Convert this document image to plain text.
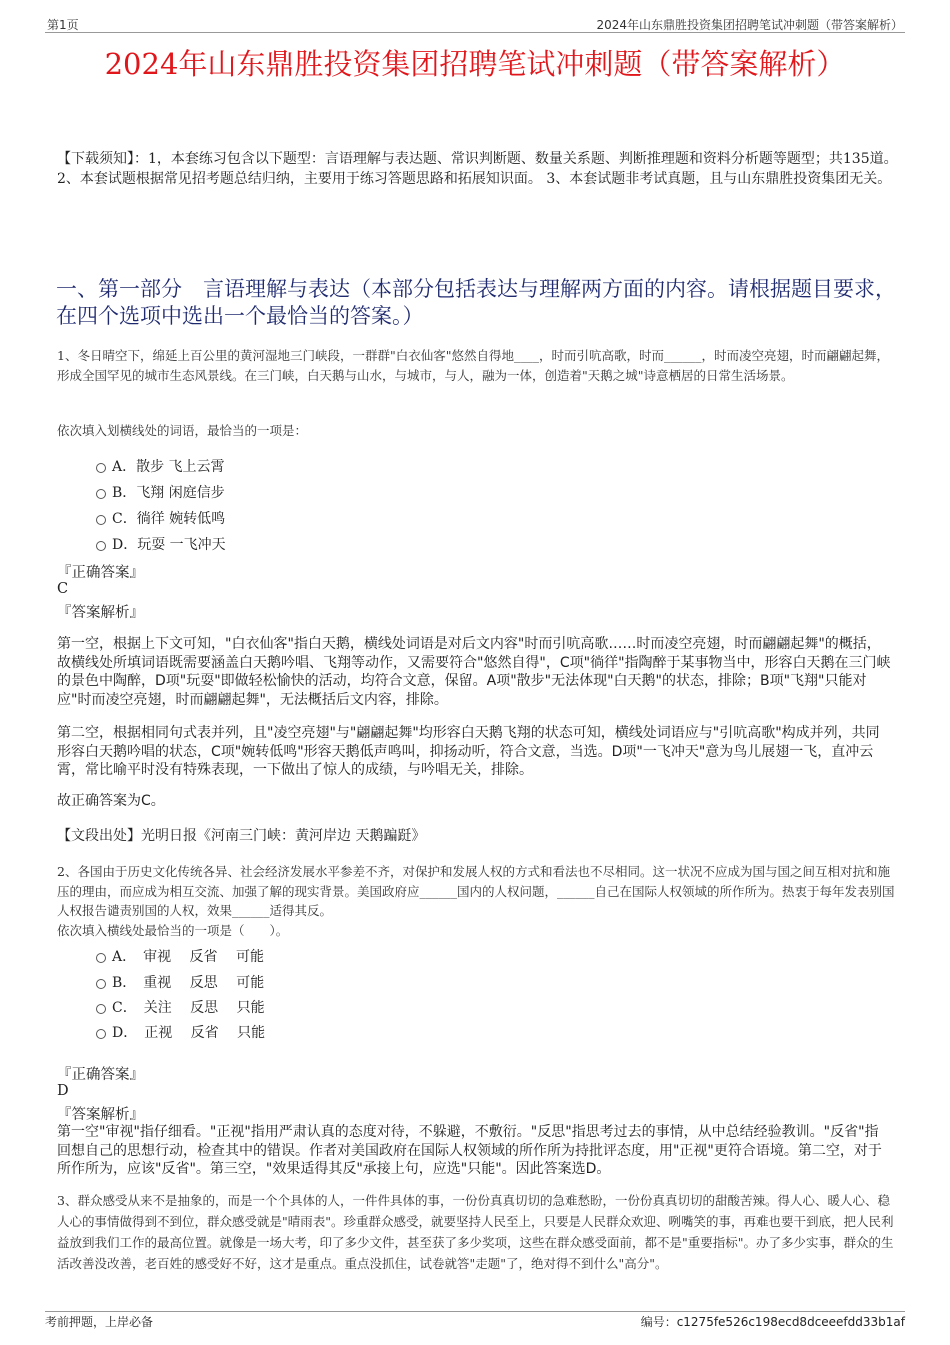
第1页	2024年山东鼎胜投资集团招聘笔试冲刺题（带答案解析）
2024年山东鼎胜投资集团招聘笔试冲刺题（带答案解析）
【下载须知】：1，本套练习包含以下题型：言语理解与表达题、常识判断题、数量关系题、判断推理题和资料分析题等题型；共135道。 2、本套试题根据常见招考题总结归纳，主要用于练习答题思路和拓展知识面。 3、本套试题非考试真题，且与山东鼎胜投资集团无关。
一、第一部分　言语理解与表达（本部分包括表达与理解两方面的内容。请根据题目要求，在四个选项中选出一个最恰当的答案。）
1、冬日晴空下，绵延上百公里的黄河湿地三门峡段，一群群"白衣仙客"悠然自得地____，时而引吭高歌，时而______，时而凌空亮翅，时而翩翩起舞，形成全国罕见的城市生态风景线。在三门峡，白天鹅与山水，与城市，与人，融为一体，创造着"天鹅之城"诗意栖居的日常生活场景。
依次填入划横线处的词语，最恰当的一项是：
A．散步 飞上云霄
B．飞翔 闲庭信步
C．徜徉 婉转低鸣
D．玩耍 一飞冲天
『正确答案』
C
『答案解析』
第一空，根据上下文可知，"白衣仙客"指白天鹅，横线处词语是对后文内容"时而引吭高歌……时而凌空亮翅，时而翩翩起舞"的概括，故横线处所填词语既需要涵盖白天鹅吟唱、飞翔等动作，又需要符合"悠然自得"，C项"徜徉"指陶醉于某事物当中，形容白天鹅在三门峡的景色中陶醉，D项"玩耍"即做轻松愉快的活动，均符合文意，保留。A项"散步"无法体现"白天鹅"的状态，排除；B项"飞翔"只能对应"时而凌空亮翅，时而翩翩起舞"，无法概括后文内容，排除。
第二空，根据相同句式表并列，且"凌空亮翅"与"翩翩起舞"均形容白天鹅飞翔的状态可知，横线处词语应与"引吭高歌"构成并列，共同形容白天鹅吟唱的状态，C项"婉转低鸣"形容天鹅低声鸣叫，抑扬动听，符合文意，当选。D项"一飞冲天"意为鸟儿展翅一飞，直冲云霄，常比喻平时没有特殊表现，一下做出了惊人的成绩，与吟唱无关，排除。
故正确答案为C。
【文段出处】光明日报《河南三门峡：黄河岸边 天鹅蹁跹》
2、各国由于历史文化传统各异、社会经济发展水平参差不齐，对保护和发展人权的方式和看法也不尽相同。这一状况不应成为国与国之间互相对抗和施压的理由，而应成为相互交流、加强了解的现实背景。美国政府应______国内的人权问题，______自己在国际人权领域的所作所为。热衷于每年发表别国人权报告谴责别国的人权，效果______适得其反。
依次填入横线处最恰当的一项是（　　）。
A．　审视　 反省　 可能
B．　重视　 反思　 可能
C．　关注　 反思　 只能
D．　正视　 反省　 只能
『正确答案』
D
『答案解析』
第一空"审视"指仔细看。"正视"指用严肃认真的态度对待，不躲避，不敷衍。"反思"指思考过去的事情，从中总结经验教训。"反省"指回想自己的思想行动，检查其中的错误。作者对美国政府在国际人权领域的所作所为持批评态度，用"正视"更符合语境。第二空，对于所作所为，应该"反省"。第三空，"效果适得其反"承接上句，应选"只能"。因此答案选D。
3、群众感受从来不是抽象的，而是一个个具体的人，一件件具体的事，一份份真真切切的急难愁盼，一份份真真切切的甜酸苦辣。得人心、暖人心、稳人心的事情做得到不到位，群众感受就是"晴雨表"。珍重群众感受，就要坚持人民至上，只要是人民群众欢迎、咧嘴笑的事，再难也要干到底，把人民利益放到我们工作的最高位置。就像是一场大考，印了多少文件，甚至获了多少奖项，这些在群众感受面前，都不是"重要指标"。办了多少实事，群众的生活改善没改善，老百姓的感受好不好，这才是重点。重点没抓住，试卷就答"走题"了，绝对得不到什么"高分"。
考前押题，上岸必备	编号：c1275fe526c198ecd8dceeefdd33b1af
